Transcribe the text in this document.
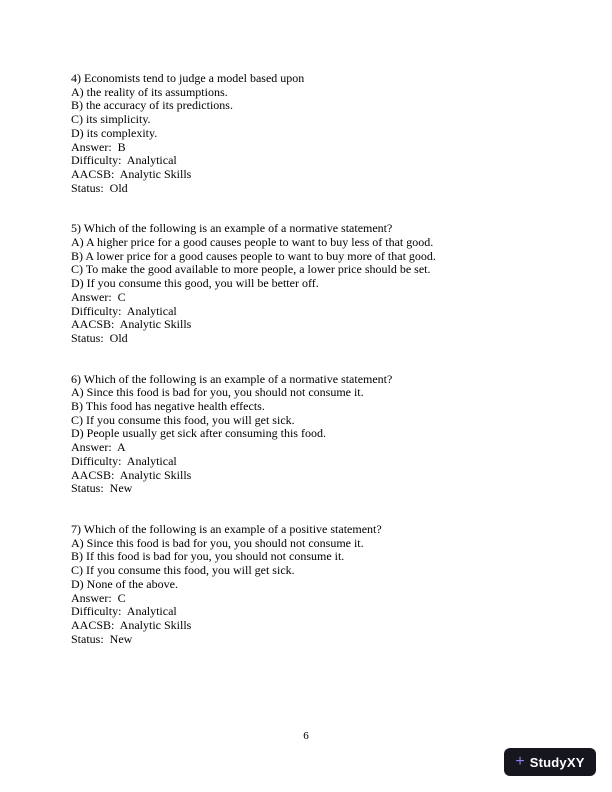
4) Economists tend to judge a model based upon
A) the reality of its assumptions.
B) the accuracy of its predictions.
C) its simplicity.
D) its complexity.
Answer:  B
Difficulty:  Analytical
AACSB:  Analytic Skills
Status:  Old
5) Which of the following is an example of a normative statement?
A) A higher price for a good causes people to want to buy less of that good.
B) A lower price for a good causes people to want to buy more of that good.
C) To make the good available to more people, a lower price should be set.
D) If you consume this good, you will be better off.
Answer:  C
Difficulty:  Analytical
AACSB:  Analytic Skills
Status:  Old
6) Which of the following is an example of a normative statement?
A) Since this food is bad for you, you should not consume it.
B) This food has negative health effects.
C) If you consume this food, you will get sick.
D) People usually get sick after consuming this food.
Answer:  A
Difficulty:  Analytical
AACSB:  Analytic Skills
Status:  New
7) Which of the following is an example of a positive statement?
A) Since this food is bad for you, you should not consume it.
B) If this food is bad for you, you should not consume it.
C) If you consume this food, you will get sick.
D) None of the above.
Answer:  C
Difficulty:  Analytical
AACSB:  Analytic Skills
Status:  New
6
+ StudyXY
